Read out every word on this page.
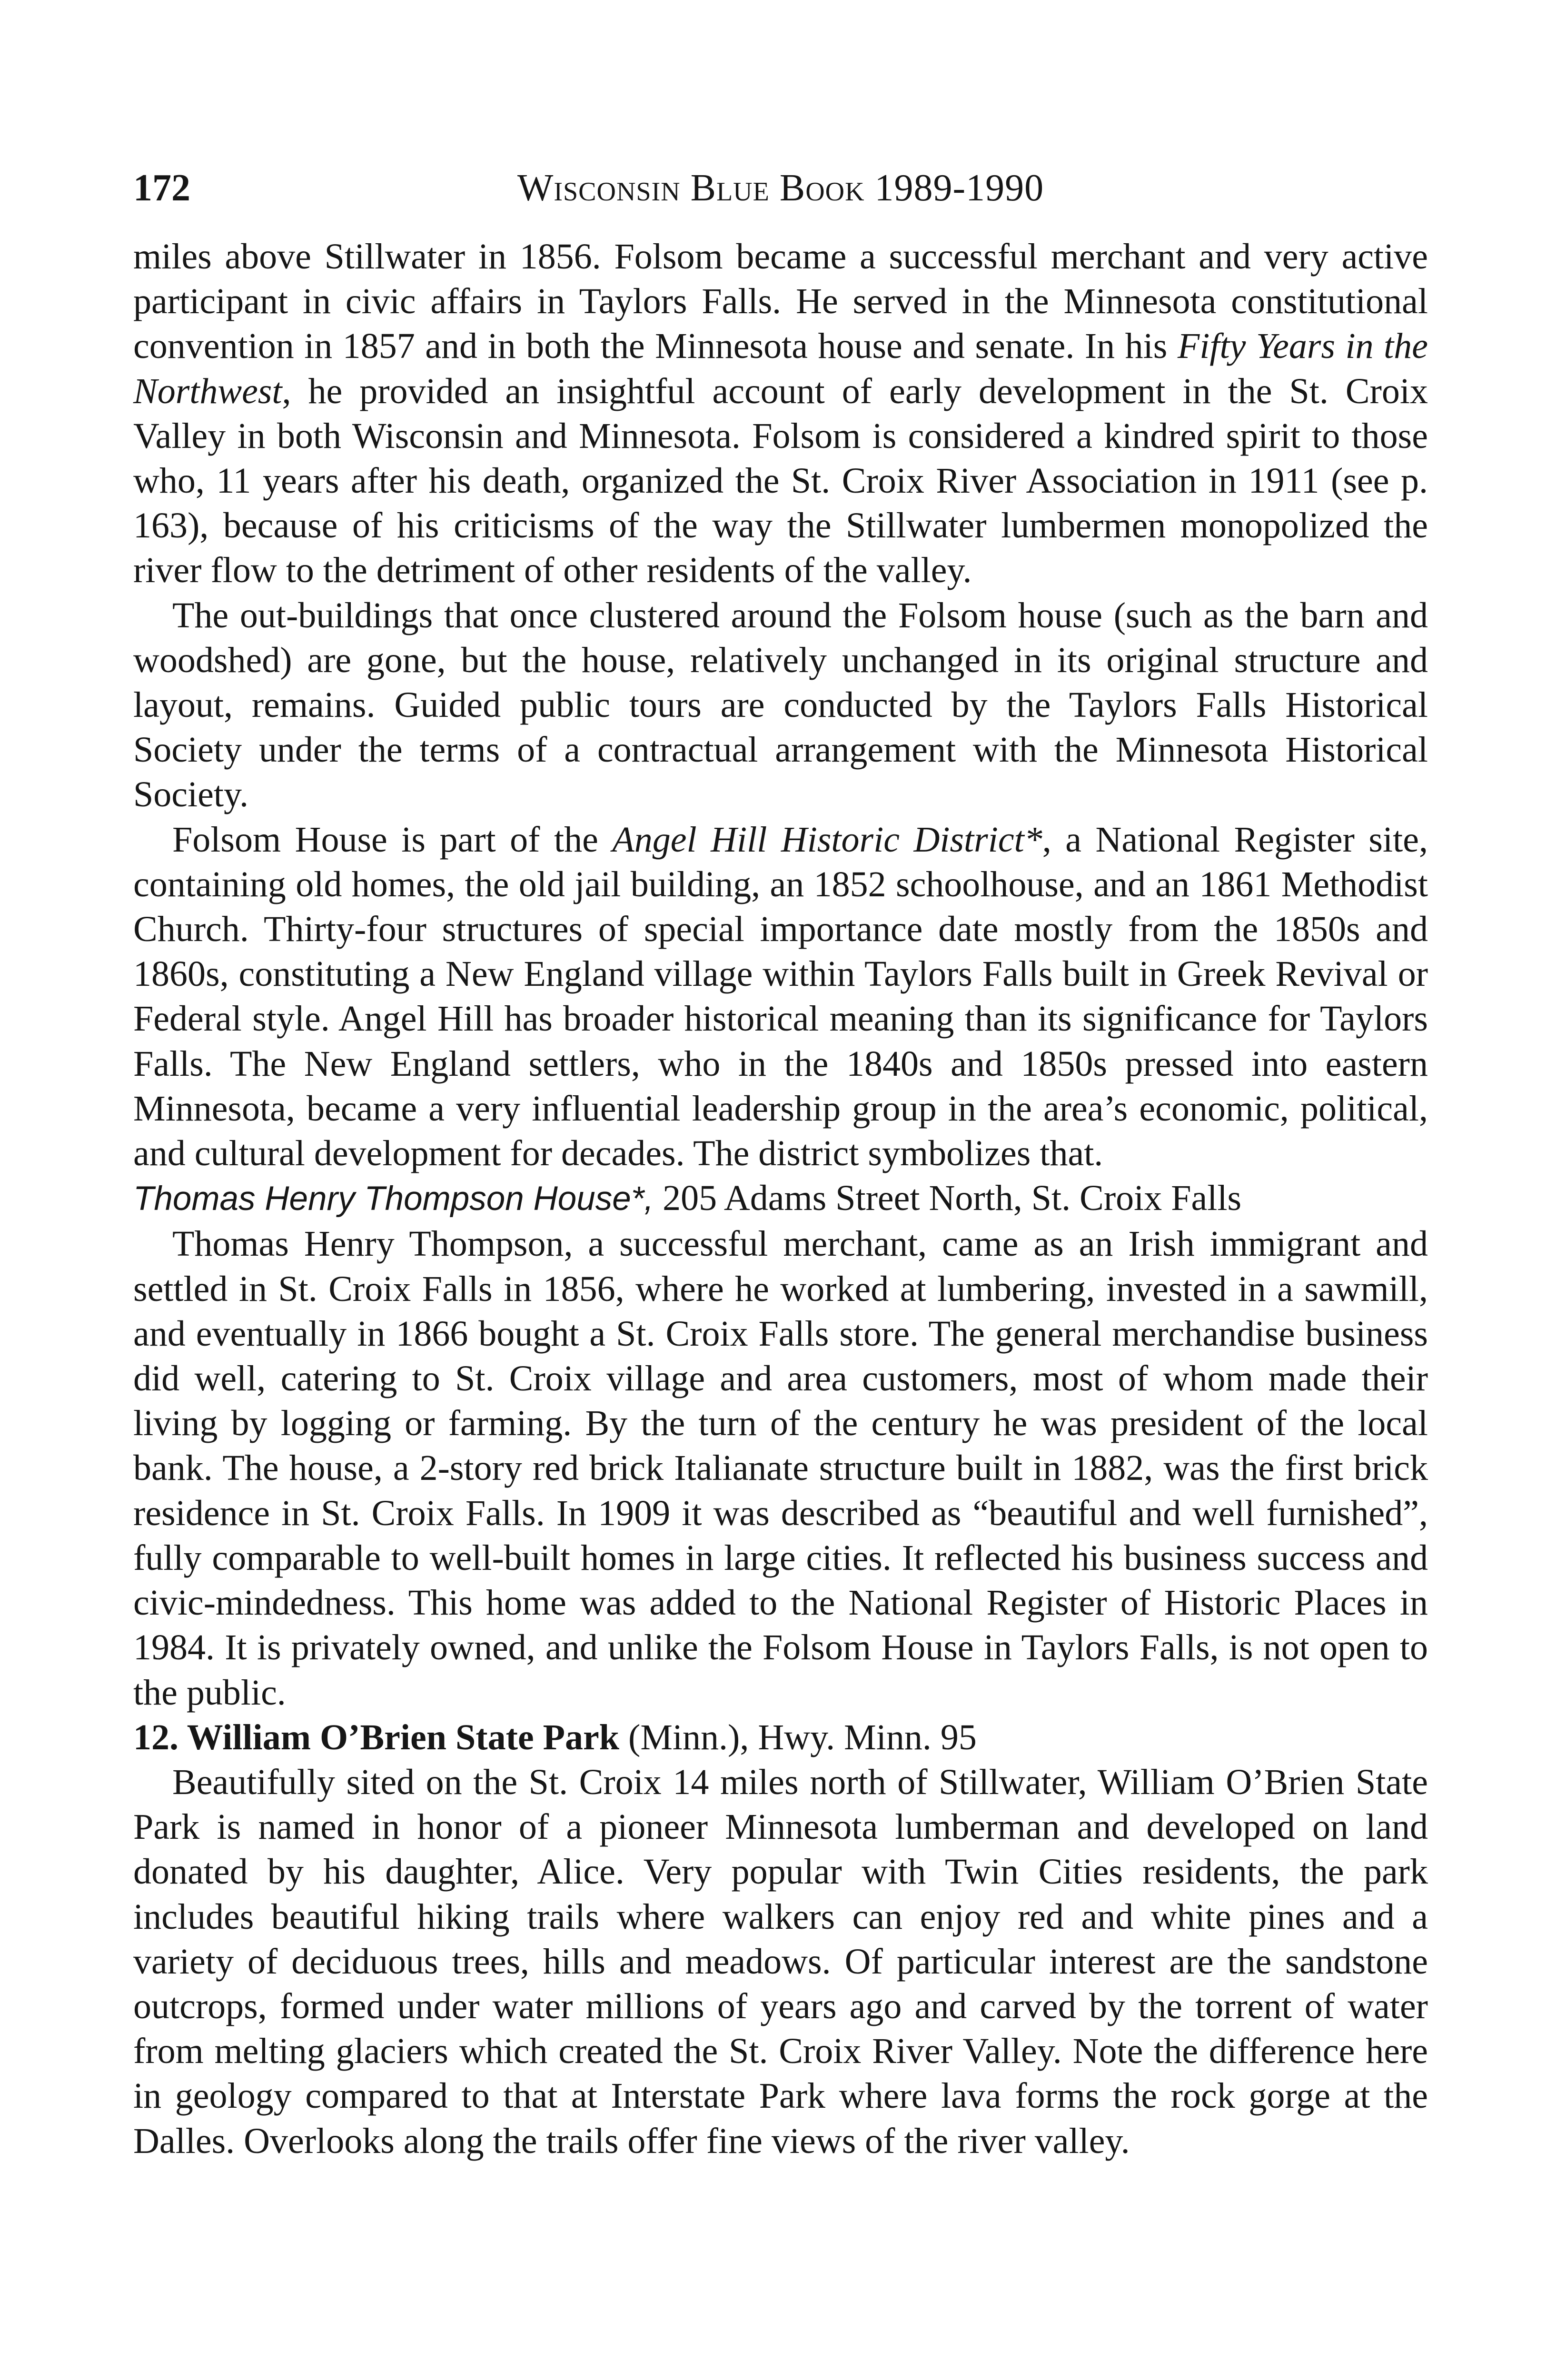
172	Wisconsin Blue Book 1989-1990

miles above Stillwater in 1856. Folsom became a successful merchant and very active participant in civic affairs in Taylors Falls. He served in the Minnesota constitutional convention in 1857 and in both the Minnesota house and senate. In his Fifty Years in the Northwest, he provided an insightful account of early development in the St. Croix Valley in both Wisconsin and Minnesota. Folsom is considered a kindred spirit to those who, 11 years after his death, organized the St. Croix River Association in 1911 (see p. 163), because of his criticisms of the way the Stillwater lumbermen monopolized the river flow to the detriment of other residents of the valley.

The out-buildings that once clustered around the Folsom house (such as the barn and woodshed) are gone, but the house, relatively unchanged in its original structure and layout, remains. Guided public tours are conducted by the Taylors Falls Historical Society under the terms of a contractual arrangement with the Minnesota Historical Society.

Folsom House is part of the Angel Hill Historic District*, a National Register site, containing old homes, the old jail building, an 1852 schoolhouse, and an 1861 Methodist Church. Thirty-four structures of special importance date mostly from the 1850s and 1860s, constituting a New England village within Taylors Falls built in Greek Revival or Federal style. Angel Hill has broader historical meaning than its significance for Taylors Falls. The New England settlers, who in the 1840s and 1850s pressed into eastern Minnesota, became a very influential leadership group in the area’s economic, political, and cultural development for decades. The district symbolizes that.

Thomas Henry Thompson House*, 205 Adams Street North, St. Croix Falls

Thomas Henry Thompson, a successful merchant, came as an Irish immigrant and settled in St. Croix Falls in 1856, where he worked at lumbering, invested in a sawmill, and eventually in 1866 bought a St. Croix Falls store. The general merchandise business did well, catering to St. Croix village and area customers, most of whom made their living by logging or farming. By the turn of the century he was president of the local bank. The house, a 2-story red brick Italianate structure built in 1882, was the first brick residence in St. Croix Falls. In 1909 it was described as “beautiful and well furnished”, fully comparable to well-built homes in large cities. It reflected his business success and civic-mindedness. This home was added to the National Register of Historic Places in 1984. It is privately owned, and unlike the Folsom House in Taylors Falls, is not open to the public.

12. William O’Brien State Park (Minn.), Hwy. Minn. 95

Beautifully sited on the St. Croix 14 miles north of Stillwater, William O’Brien State Park is named in honor of a pioneer Minnesota lumberman and developed on land donated by his daughter, Alice. Very popular with Twin Cities residents, the park includes beautiful hiking trails where walkers can enjoy red and white pines and a variety of deciduous trees, hills and meadows. Of particular interest are the sandstone outcrops, formed under water millions of years ago and carved by the torrent of water from melting glaciers which created the St. Croix River Valley. Note the difference here in geology compared to that at Interstate Park where lava forms the rock gorge at the Dalles. Overlooks along the trails offer fine views of the river valley.
